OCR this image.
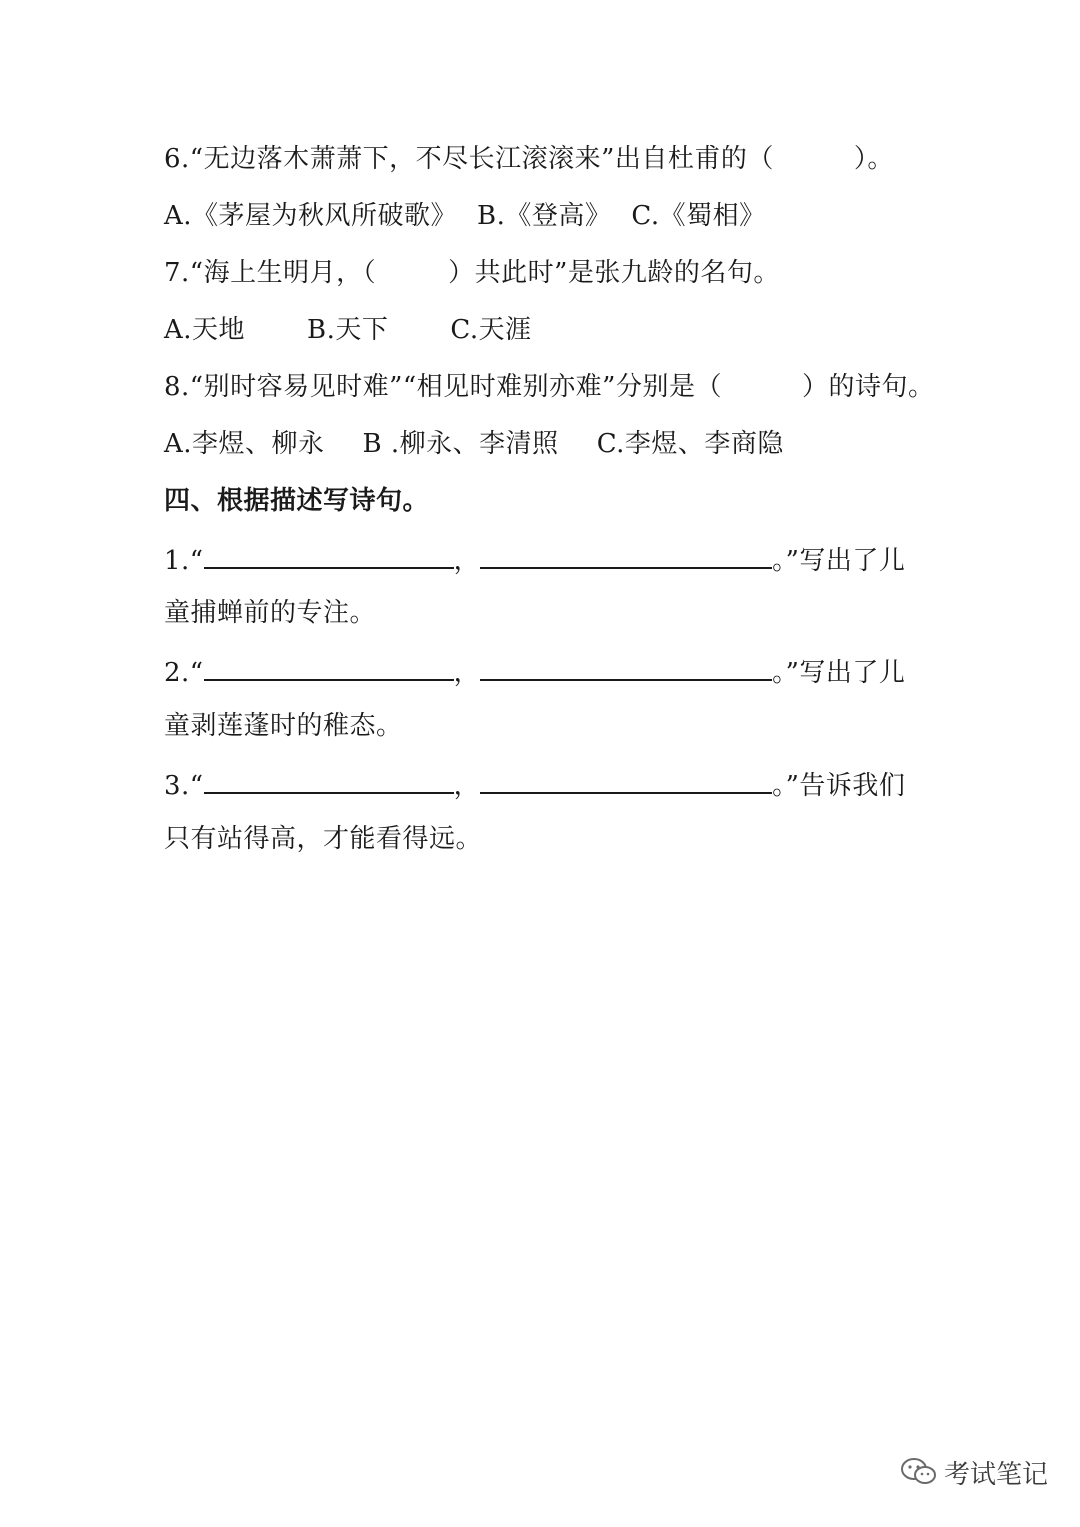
6.“无边落木萧萧下，不尽长江滚滚来”出自杜甫的（	）。
A.《茅屋为秋风所破歌》 B.《登高》 C.《蜀相》
7.“海上生明月，（	）共此时”是张九龄的名句。
A.天地 B.天下 C.天涯
8.“别时容易见时难”“相见时难别亦难”分别是（	）的诗句。
A.李煜、柳永 B .柳永、李清照 C.李煜、李商隐
四、根据描述写诗句。
1.“	，	。”写出了儿
童捕蝉前的专注。
2.“	，	。”写出了儿
童剥莲蓬时的稚态。
3.“	，	。”告诉我们
只有站得高，才能看得远。
考试笔记
